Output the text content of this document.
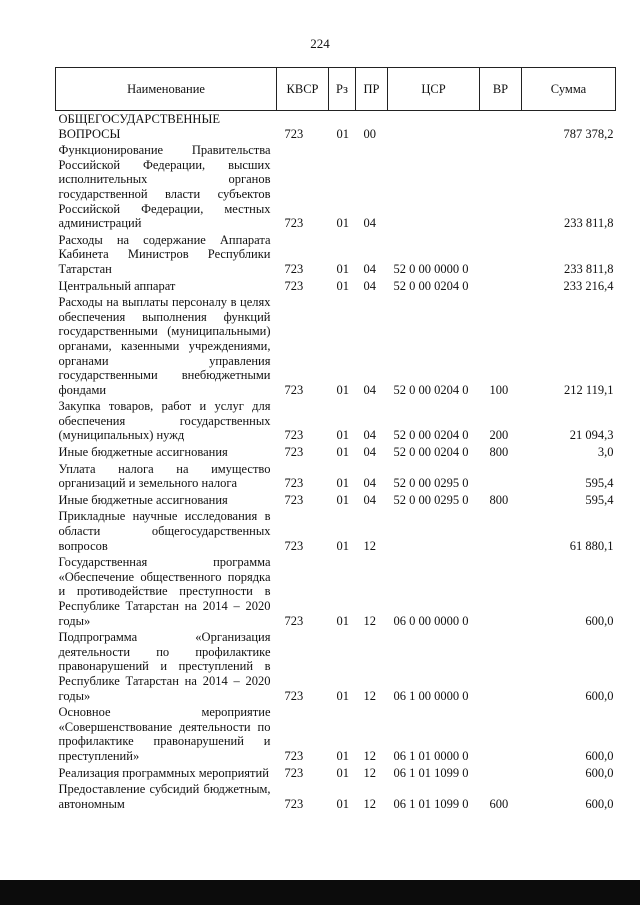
224
Наименование	КВСР	Рз	ПР	ЦСР	ВР	Сумма
ОБЩЕГОСУДАРСТВЕННЫЕ ВОПРОСЫ	723	01	00			787 378,2
Функционирование Правительства Российской Федерации, высших исполнительных органов государственной власти субъектов Российской Федерации, местных администраций	723	01	04			233 811,8
Расходы на содержание Аппарата Кабинета Министров Республики Татарстан	723	01	04	52 0 00 0000 0		233 811,8
Центральный аппарат	723	01	04	52 0 00 0204 0		233 216,4
Расходы на выплаты персоналу в целях обеспечения выполнения функций государственными (муниципальными) органами, казенными учреждениями, органами управления государственными внебюджетными фондами	723	01	04	52 0 00 0204 0	100	212 119,1
Закупка товаров, работ и услуг для обеспечения государственных (муниципальных) нужд	723	01	04	52 0 00 0204 0	200	21 094,3
Иные бюджетные ассигнования	723	01	04	52 0 00 0204 0	800	3,0
Уплата налога на имущество организаций и земельного налога	723	01	04	52 0 00 0295 0		595,4
Иные бюджетные ассигнования	723	01	04	52 0 00 0295 0	800	595,4
Прикладные научные исследования в области общегосударственных вопросов	723	01	12			61 880,1
Государственная программа «Обеспечение общественного порядка и противодействие преступности в Республике Татарстан на 2014 – 2020 годы»	723	01	12	06 0 00 0000 0		600,0
Подпрограмма «Организация деятельности по профилактике правонарушений и преступлений в Республике Татарстан на 2014 – 2020 годы»	723	01	12	06 1 00 0000 0		600,0
Основное мероприятие «Совершенствование деятельности по профилактике правонарушений и преступлений»	723	01	12	06 1 01 0000 0		600,0
Реализация программных мероприятий	723	01	12	06 1 01 1099 0		600,0
Предоставление субсидий бюджетным, автономным	723	01	12	06 1 01 1099 0	600	600,0
